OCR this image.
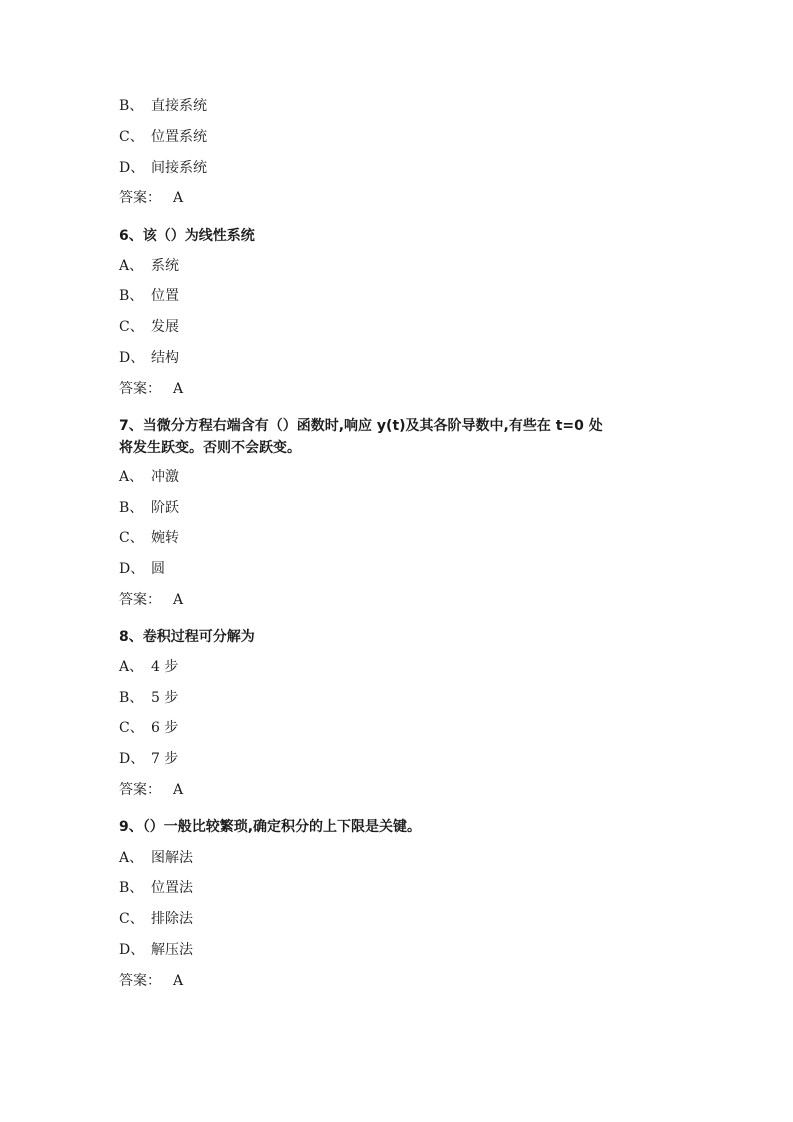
B、 直接系统
C、 位置系统
D、 间接系统
答案： A
6、该（）为线性系统
A、 系统
B、 位置
C、 发展
D、 结构
答案： A
7、当微分方程右端含有（）函数时,响应 y(t)及其各阶导数中,有些在 t=0 处
将发生跃变。否则不会跃变。
A、 冲激
B、 阶跃
C、 婉转
D、 圆
答案： A
8、卷积过程可分解为
A、 4 步
B、 5 步
C、 6 步
D、 7 步
答案： A
9、（）一般比较繁琐,确定积分的上下限是关键。
A、 图解法
B、 位置法
C、 排除法
D、 解压法
答案： A
